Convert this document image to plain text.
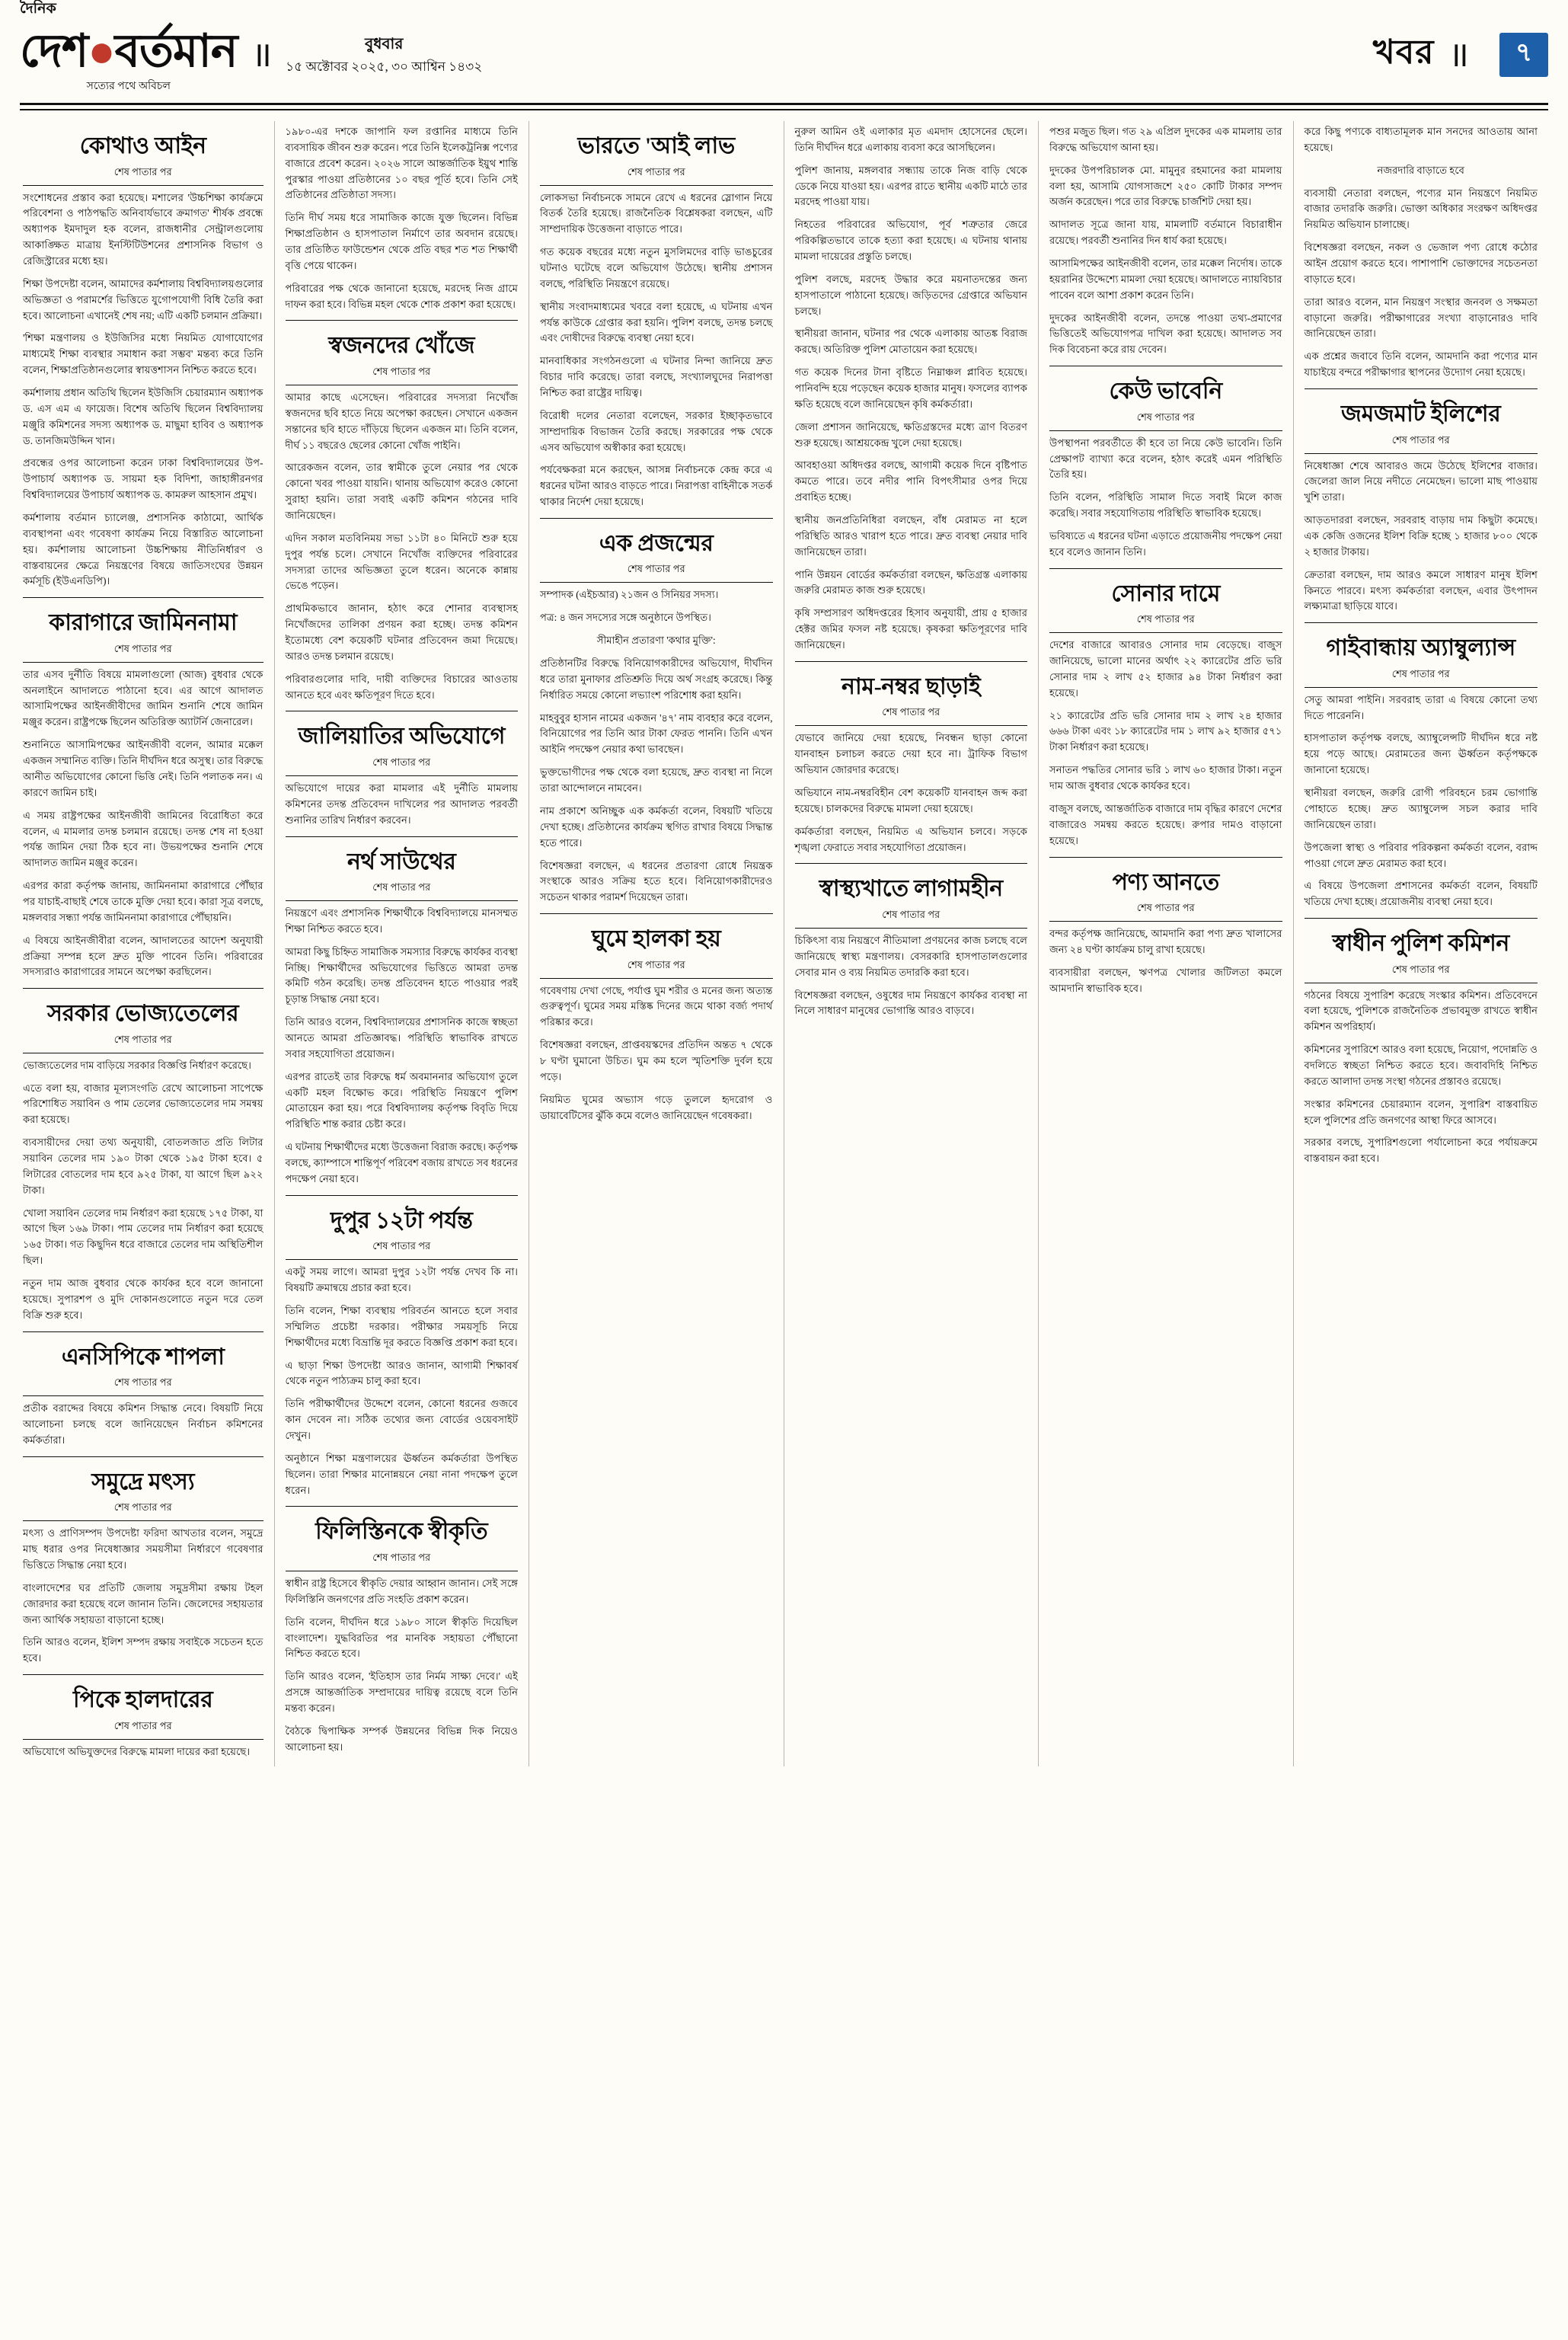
দৈনিক
দেশ●বর্তমান
সত্যের পথে অবিচল
॥	বুধবার
১৫ অক্টোবর ২০২৫, ৩০ আশ্বিন ১৪৩২	খবর ॥	৭
কোথাও আইন
শেষ পাতার পর

সংশোধনের প্রস্তাব করা হয়েছে। মশালের 'উচ্চশিক্ষা কার্যক্রমে পরিবেশনা ও পাঠপদ্ধতি অনিবার্যভাবে ক্রমাগত' শীর্ষক প্রবন্ধে অধ্যাপক ইমদাদুল হক বলেন, রাজধানীর সেন্ট্রালগুলোয় আকাঙ্ক্ষিত মাত্রায় ইনস্টিটিউশনের প্রশাসনিক বিভাগ ও রেজিস্ট্রারের মধ্যে হয়।

শিক্ষা উপদেষ্টা বলেন, আমাদের কর্মশালায় বিশ্ববিদ্যালয়গুলোর অভিজ্ঞতা ও পরামর্শের ভিত্তিতে যুগোপযোগী বিধি তৈরি করা হবে। আলোচনা এখানেই শেষ নয়; এটি একটি চলমান প্রক্রিয়া।

'শিক্ষা মন্ত্রণালয় ও ইউজিসির মধ্যে নিয়মিত যোগাযোগের মাধ্যমেই শিক্ষা ব্যবস্থার সমাধান করা সম্ভব' মন্তব্য করে তিনি বলেন, শিক্ষাপ্রতিষ্ঠানগুলোর স্বায়ত্তশাসন নিশ্চিত করতে হবে।

কর্মশালায় প্রধান অতিথি ছিলেন ইউজিসি চেয়ারম্যান অধ্যাপক ড. এস এম এ ফায়েজ। বিশেষ অতিথি ছিলেন বিশ্ববিদ্যালয় মঞ্জুরি কমিশনের সদস্য অধ্যাপক ড. মাছুমা হাবিব ও অধ্যাপক ড. তানজিমউদ্দিন খান।

প্রবন্ধের ওপর আলোচনা করেন ঢাকা বিশ্ববিদ্যালয়ের উপ-উপাচার্য অধ্যাপক ড. সায়মা হক বিদিশা, জাহাঙ্গীরনগর বিশ্ববিদ্যালয়ের উপাচার্য অধ্যাপক ড. কামরুল আহসান প্রমুখ।

কর্মশালায় বর্তমান চ্যালেঞ্জ, প্রশাসনিক কাঠামো, আর্থিক ব্যবস্থাপনা এবং গবেষণা কার্যক্রম নিয়ে বিস্তারিত আলোচনা হয়। কর্মশালায় আলোচনা উচ্চশিক্ষায় নীতিনির্ধারণ ও বাস্তবায়নের ক্ষেত্রে নিয়ন্ত্রণের বিষয়ে জাতিসংঘের উন্নয়ন কর্মসূচি (ইউএনডিপি)।

কারাগারে জামিননামা
শেষ পাতার পর

তার এসব দুর্নীতি বিষয়ে মামলাগুলো (আজ) বুধবার থেকে অনলাইনে আদালতে পাঠানো হবে। এর আগে আদালত আসামিপক্ষের আইনজীবীদের জামিন শুনানি শেষে জামিন মঞ্জুর করেন। রাষ্ট্রপক্ষে ছিলেন অতিরিক্ত অ্যাটর্নি জেনারেল।

শুনানিতে আসামিপক্ষের আইনজীবী বলেন, আমার মক্কেল একজন সম্মানিত ব্যক্তি। তিনি দীর্ঘদিন ধরে অসুস্থ। তার বিরুদ্ধে আনীত অভিযোগের কোনো ভিত্তি নেই। তিনি পলাতক নন। এ কারণে জামিন চাই।

এ সময় রাষ্ট্রপক্ষের আইনজীবী জামিনের বিরোধিতা করে বলেন, এ মামলার তদন্ত চলমান রয়েছে। তদন্ত শেষ না হওয়া পর্যন্ত জামিন দেয়া ঠিক হবে না। উভয়পক্ষের শুনানি শেষে আদালত জামিন মঞ্জুর করেন।

এরপর কারা কর্তৃপক্ষ জানায়, জামিননামা কারাগারে পৌঁছার পর যাচাই-বাছাই শেষে তাকে মুক্তি দেয়া হবে। কারা সূত্র বলছে, মঙ্গলবার সন্ধ্যা পর্যন্ত জামিননামা কারাগারে পৌঁছায়নি।

এ বিষয়ে আইনজীবীরা বলেন, আদালতের আদেশ অনুযায়ী প্রক্রিয়া সম্পন্ন হলে দ্রুত মুক্তি পাবেন তিনি। পরিবারের সদস্যরাও কারাগারের সামনে অপেক্ষা করছিলেন।

সরকার ভোজ্যতেলের
শেষ পাতার পর

ভোজ্যতেলের দাম বাড়িয়ে সরকার বিজ্ঞপ্তি নির্ধারণ করেছে।

এতে বলা হয়, বাজার মূল্যসংগতি রেখে আলোচনা সাপেক্ষে পরিশোধিত সয়াবিন ও পাম তেলের ভোজ্যতেলের দাম সমন্বয় করা হয়েছে।

ব্যবসায়ীদের দেয়া তথ্য অনুযায়ী, বোতলজাত প্রতি লিটার সয়াবিন তেলের দাম ১৯০ টাকা থেকে ১৯৫ টাকা হবে। ৫ লিটারের বোতলের দাম হবে ৯২৫ টাকা, যা আগে ছিল ৯২২ টাকা।

খোলা সয়াবিন তেলের দাম নির্ধারণ করা হয়েছে ১৭৫ টাকা, যা আগে ছিল ১৬৯ টাকা। পাম তেলের দাম নির্ধারণ করা হয়েছে ১৬৫ টাকা। গত কিছুদিন ধরে বাজারে তেলের দাম অস্থিতিশীল ছিল।

নতুন দাম আজ বুধবার থেকে কার্যকর হবে বলে জানানো হয়েছে। সুপারশপ ও মুদি দোকানগুলোতে নতুন দরে তেল বিক্রি শুরু হবে।

এনসিপিকে শাপলা
শেষ পাতার পর

প্রতীক বরাদ্দের বিষয়ে কমিশন সিদ্ধান্ত নেবে। বিষয়টি নিয়ে আলোচনা চলছে বলে জানিয়েছেন নির্বাচন কমিশনের কর্মকর্তারা।

সমুদ্রে মৎস্য
শেষ পাতার পর

মৎস্য ও প্রাণিসম্পদ উপদেষ্টা ফরিদা আখতার বলেন, সমুদ্রে মাছ ধরার ওপর নিষেধাজ্ঞার সময়সীমা নির্ধারণে গবেষণার ভিত্তিতে সিদ্ধান্ত নেয়া হবে।

বাংলাদেশের ঘর প্রতিটি জেলায় সমুদ্রসীমা রক্ষায় টহল জোরদার করা হয়েছে বলে জানান তিনি। জেলেদের সহায়তার জন্য আর্থিক সহায়তা বাড়ানো হচ্ছে।

তিনি আরও বলেন, ইলিশ সম্পদ রক্ষায় সবাইকে সচেতন হতে হবে।

পিকে হালদারের
শেষ পাতার পর

অভিযোগে অভিযুক্তদের বিরুদ্ধে মামলা দায়ের করা হয়েছে।

১৯৮০-এর দশকে জাপানি ফল রপ্তানির মাধ্যমে তিনি ব্যবসায়িক জীবন শুরু করেন। পরে তিনি ইলেকট্রনিক্স পণ্যের বাজারে প্রবেশ করেন। ২০২৬ সালে আন্তর্জাতিক ইয়ুথ শান্তি পুরস্কার পাওয়া প্রতিষ্ঠানের ১০ বছর পূর্তি হবে। তিনি সেই প্রতিষ্ঠানের প্রতিষ্ঠাতা সদস্য।

তিনি দীর্ঘ সময় ধরে সামাজিক কাজে যুক্ত ছিলেন। বিভিন্ন শিক্ষাপ্রতিষ্ঠান ও হাসপাতাল নির্মাণে তার অবদান রয়েছে। তার প্রতিষ্ঠিত ফাউন্ডেশন থেকে প্রতি বছর শত শত শিক্ষার্থী বৃত্তি পেয়ে থাকেন।

পরিবারের পক্ষ থেকে জানানো হয়েছে, মরদেহ নিজ গ্রামে দাফন করা হবে। বিভিন্ন মহল থেকে শোক প্রকাশ করা হয়েছে।

স্বজনদের খোঁজে
শেষ পাতার পর

আমার কাছে এসেছেন। পরিবারের সদস্যরা নিখোঁজ স্বজনদের ছবি হাতে নিয়ে অপেক্ষা করছেন। সেখানে একজন সন্তানের ছবি হাতে দাঁড়িয়ে ছিলেন একজন মা। তিনি বলেন, দীর্ঘ ১১ বছরেও ছেলের কোনো খোঁজ পাইনি।

আরেকজন বলেন, তার স্বামীকে তুলে নেয়ার পর থেকে কোনো খবর পাওয়া যায়নি। থানায় অভিযোগ করেও কোনো সুরাহা হয়নি। তারা সবাই একটি কমিশন গঠনের দাবি জানিয়েছেন।

এদিন সকাল মতবিনিময় সভা ১১টা ৪০ মিনিটে শুরু হয়ে দুপুর পর্যন্ত চলে। সেখানে নিখোঁজ ব্যক্তিদের পরিবারের সদস্যরা তাদের অভিজ্ঞতা তুলে ধরেন। অনেকে কান্নায় ভেঙে পড়েন।

প্রাথমিকভাবে জানান, হঠাৎ করে শোনার ব্যবস্থাসহ নিখোঁজদের তালিকা প্রণয়ন করা হচ্ছে। তদন্ত কমিশন ইতোমধ্যে বেশ কয়েকটি ঘটনার প্রতিবেদন জমা দিয়েছে। আরও তদন্ত চলমান রয়েছে।

পরিবারগুলোর দাবি, দায়ী ব্যক্তিদের বিচারের আওতায় আনতে হবে এবং ক্ষতিপূরণ দিতে হবে।

জালিয়াতির অভিযোগে
শেষ পাতার পর

অভিযোগে দায়ের করা মামলার এই দুর্নীতি মামলায় কমিশনের তদন্ত প্রতিবেদন দাখিলের পর আদালত পরবর্তী শুনানির তারিখ নির্ধারণ করবেন।

নর্থ সাউথের
শেষ পাতার পর

নিয়ন্ত্রণে এবং প্রশাসনিক শিক্ষার্থীকে বিশ্ববিদ্যালয়ে মানসম্মত শিক্ষা নিশ্চিত করতে হবে।

আমরা কিছু চিহ্নিত সামাজিক সমস্যার বিরুদ্ধে কার্যকর ব্যবস্থা নিচ্ছি। শিক্ষার্থীদের অভিযোগের ভিত্তিতে আমরা তদন্ত কমিটি গঠন করেছি। তদন্ত প্রতিবেদন হাতে পাওয়ার পরই চূড়ান্ত সিদ্ধান্ত নেয়া হবে।

তিনি আরও বলেন, বিশ্ববিদ্যালয়ের প্রশাসনিক কাজে স্বচ্ছতা আনতে আমরা প্রতিজ্ঞাবদ্ধ। পরিস্থিতি স্বাভাবিক রাখতে সবার সহযোগিতা প্রয়োজন।

এরপর রাতেই তার বিরুদ্ধে ধর্ম অবমাননার অভিযোগ তুলে একটি মহল বিক্ষোভ করে। পরিস্থিতি নিয়ন্ত্রণে পুলিশ মোতায়েন করা হয়। পরে বিশ্ববিদ্যালয় কর্তৃপক্ষ বিবৃতি দিয়ে পরিস্থিতি শান্ত করার চেষ্টা করে।

এ ঘটনায় শিক্ষার্থীদের মধ্যে উত্তেজনা বিরাজ করছে। কর্তৃপক্ষ বলছে, ক্যাম্পাসে শান্তিপূর্ণ পরিবেশ বজায় রাখতে সব ধরনের পদক্ষেপ নেয়া হবে।

দুপুর ১২টা পর্যন্ত
শেষ পাতার পর

একটু সময় লাগে। আমরা দুপুর ১২টা পর্যন্ত দেখব কি না। বিষয়টি ক্রমান্বয়ে প্রচার করা হবে।

তিনি বলেন, শিক্ষা ব্যবস্থায় পরিবর্তন আনতে হলে সবার সম্মিলিত প্রচেষ্টা দরকার। পরীক্ষার সময়সূচি নিয়ে শিক্ষার্থীদের মধ্যে বিভ্রান্তি দূর করতে বিজ্ঞপ্তি প্রকাশ করা হবে।

এ ছাড়া শিক্ষা উপদেষ্টা আরও জানান, আগামী শিক্ষাবর্ষ থেকে নতুন পাঠ্যক্রম চালু করা হবে।

তিনি পরীক্ষার্থীদের উদ্দেশে বলেন, কোনো ধরনের গুজবে কান দেবেন না। সঠিক তথ্যের জন্য বোর্ডের ওয়েবসাইট দেখুন।

অনুষ্ঠানে শিক্ষা মন্ত্রণালয়ের ঊর্ধ্বতন কর্মকর্তারা উপস্থিত ছিলেন। তারা শিক্ষার মানোন্নয়নে নেয়া নানা পদক্ষেপ তুলে ধরেন।

ফিলিস্তিনকে স্বীকৃতি
শেষ পাতার পর

স্বাধীন রাষ্ট্র হিসেবে স্বীকৃতি দেয়ার আহ্বান জানান। সেই সঙ্গে ফিলিস্তিনি জনগণের প্রতি সংহতি প্রকাশ করেন।

তিনি বলেন, দীর্ঘদিন ধরে ১৯৮০ সালে স্বীকৃতি দিয়েছিল বাংলাদেশ। যুদ্ধবিরতির পর মানবিক সহায়তা পৌঁছানো নিশ্চিত করতে হবে।

তিনি আরও বলেন, 'ইতিহাস তার নির্মম সাক্ষ্য দেবে।' এই প্রসঙ্গে আন্তর্জাতিক সম্প্রদায়ের দায়িত্ব রয়েছে বলে তিনি মন্তব্য করেন।

বৈঠকে দ্বিপাক্ষিক সম্পর্ক উন্নয়নের বিভিন্ন দিক নিয়েও আলোচনা হয়।

ভারতে 'আই লাভ
শেষ পাতার পর

লোকসভা নির্বাচনকে সামনে রেখে এ ধরনের স্লোগান নিয়ে বিতর্ক তৈরি হয়েছে। রাজনৈতিক বিশ্লেষকরা বলছেন, এটি সাম্প্রদায়িক উত্তেজনা বাড়াতে পারে।

গত কয়েক বছরের মধ্যে নতুন মুসলিমদের বাড়ি ভাঙচুরের ঘটনাও ঘটেছে বলে অভিযোগ উঠেছে। স্থানীয় প্রশাসন বলছে, পরিস্থিতি নিয়ন্ত্রণে রয়েছে।

স্থানীয় সংবাদমাধ্যমের খবরে বলা হয়েছে, এ ঘটনায় এখন পর্যন্ত কাউকে গ্রেপ্তার করা হয়নি। পুলিশ বলছে, তদন্ত চলছে এবং দোষীদের বিরুদ্ধে ব্যবস্থা নেয়া হবে।

মানবাধিকার সংগঠনগুলো এ ঘটনার নিন্দা জানিয়ে দ্রুত বিচার দাবি করেছে। তারা বলছে, সংখ্যালঘুদের নিরাপত্তা নিশ্চিত করা রাষ্ট্রের দায়িত্ব।

বিরোধী দলের নেতারা বলেছেন, সরকার ইচ্ছাকৃতভাবে সাম্প্রদায়িক বিভাজন তৈরি করছে। সরকারের পক্ষ থেকে এসব অভিযোগ অস্বীকার করা হয়েছে।

পর্যবেক্ষকরা মনে করছেন, আসন্ন নির্বাচনকে কেন্দ্র করে এ ধরনের ঘটনা আরও বাড়তে পারে। নিরাপত্তা বাহিনীকে সতর্ক থাকার নির্দেশ দেয়া হয়েছে।

এক প্রজন্মের
শেষ পাতার পর

সম্পাদক (এইচআর) ২১জন ও সিনিয়র সদস্য।

পত্র: ৪ জন সদস্যের সঙ্গে অনুষ্ঠানে উপস্থিত।

সীমাহীন প্রতারণা 'কথার মুক্তি':

প্রতিষ্ঠানটির বিরুদ্ধে বিনিয়োগকারীদের অভিযোগ, দীর্ঘদিন ধরে তারা মুনাফার প্রতিশ্রুতি দিয়ে অর্থ সংগ্রহ করেছে। কিন্তু নির্ধারিত সময়ে কোনো লভ্যাংশ পরিশোধ করা হয়নি।

মাহবুবুর হাসান নামের একজন '৪৭' নাম ব্যবহার করে বলেন, বিনিয়োগের পর তিনি আর টাকা ফেরত পাননি। তিনি এখন আইনি পদক্ষেপ নেয়ার কথা ভাবছেন।

ভুক্তভোগীদের পক্ষ থেকে বলা হয়েছে, দ্রুত ব্যবস্থা না নিলে তারা আন্দোলনে নামবেন।

নাম প্রকাশে অনিচ্ছুক এক কর্মকর্তা বলেন, বিষয়টি খতিয়ে দেখা হচ্ছে। প্রতিষ্ঠানের কার্যক্রম স্থগিত রাখার বিষয়ে সিদ্ধান্ত হতে পারে।

বিশেষজ্ঞরা বলছেন, এ ধরনের প্রতারণা রোধে নিয়ন্ত্রক সংস্থাকে আরও সক্রিয় হতে হবে। বিনিয়োগকারীদেরও সচেতন থাকার পরামর্শ দিয়েছেন তারা।

ঘুমে হালকা হয়
শেষ পাতার পর

গবেষণায় দেখা গেছে, পর্যাপ্ত ঘুম শরীর ও মনের জন্য অত্যন্ত গুরুত্বপূর্ণ। ঘুমের সময় মস্তিষ্ক দিনের জমে থাকা বর্জ্য পদার্থ পরিষ্কার করে।

বিশেষজ্ঞরা বলছেন, প্রাপ্তবয়স্কদের প্রতিদিন অন্তত ৭ থেকে ৮ ঘণ্টা ঘুমানো উচিত। ঘুম কম হলে স্মৃতিশক্তি দুর্বল হয়ে পড়ে।

নিয়মিত ঘুমের অভ্যাস গড়ে তুললে হৃদরোগ ও ডায়াবেটিসের ঝুঁকি কমে বলেও জানিয়েছেন গবেষকরা।

নুরুল আমিন ওই এলাকার মৃত এমদাদ হোসেনের ছেলে। তিনি দীর্ঘদিন ধরে এলাকায় ব্যবসা করে আসছিলেন।

পুলিশ জানায়, মঙ্গলবার সন্ধ্যায় তাকে নিজ বাড়ি থেকে ডেকে নিয়ে যাওয়া হয়। এরপর রাতে স্থানীয় একটি মাঠে তার মরদেহ পাওয়া যায়।

নিহতের পরিবারের অভিযোগ, পূর্ব শত্রুতার জেরে পরিকল্পিতভাবে তাকে হত্যা করা হয়েছে। এ ঘটনায় থানায় মামলা দায়েরের প্রস্তুতি চলছে।

পুলিশ বলছে, মরদেহ উদ্ধার করে ময়নাতদন্তের জন্য হাসপাতালে পাঠানো হয়েছে। জড়িতদের গ্রেপ্তারে অভিযান চলছে।

স্থানীয়রা জানান, ঘটনার পর থেকে এলাকায় আতঙ্ক বিরাজ করছে। অতিরিক্ত পুলিশ মোতায়েন করা হয়েছে।

গত কয়েক দিনের টানা বৃষ্টিতে নিম্নাঞ্চল প্লাবিত হয়েছে। পানিবন্দি হয়ে পড়েছেন কয়েক হাজার মানুষ। ফসলের ব্যাপক ক্ষতি হয়েছে বলে জানিয়েছেন কৃষি কর্মকর্তারা।

জেলা প্রশাসন জানিয়েছে, ক্ষতিগ্রস্তদের মধ্যে ত্রাণ বিতরণ শুরু হয়েছে। আশ্রয়কেন্দ্র খুলে দেয়া হয়েছে।

আবহাওয়া অধিদপ্তর বলছে, আগামী কয়েক দিনে বৃষ্টিপাত কমতে পারে। তবে নদীর পানি বিপৎসীমার ওপর দিয়ে প্রবাহিত হচ্ছে।

স্থানীয় জনপ্রতিনিধিরা বলছেন, বাঁধ মেরামত না হলে পরিস্থিতি আরও খারাপ হতে পারে। দ্রুত ব্যবস্থা নেয়ার দাবি জানিয়েছেন তারা।

পানি উন্নয়ন বোর্ডের কর্মকর্তারা বলছেন, ক্ষতিগ্রস্ত এলাকায় জরুরি মেরামত কাজ শুরু হয়েছে।

কৃষি সম্প্রসারণ অধিদপ্তরের হিসাব অনুযায়ী, প্রায় ৫ হাজার হেক্টর জমির ফসল নষ্ট হয়েছে। কৃষকরা ক্ষতিপূরণের দাবি জানিয়েছেন।

নাম-নম্বর ছাড়াই
শেষ পাতার পর

যেভাবে জানিয়ে দেয়া হয়েছে, নিবন্ধন ছাড়া কোনো যানবাহন চলাচল করতে দেয়া হবে না। ট্রাফিক বিভাগ অভিযান জোরদার করেছে।

অভিযানে নাম-নম্বরবিহীন বেশ কয়েকটি যানবাহন জব্দ করা হয়েছে। চালকদের বিরুদ্ধে মামলা দেয়া হয়েছে।

কর্মকর্তারা বলছেন, নিয়মিত এ অভিযান চলবে। সড়কে শৃঙ্খলা ফেরাতে সবার সহযোগিতা প্রয়োজন।

স্বাস্থ্যখাতে লাগামহীন
শেষ পাতার পর

চিকিৎসা ব্যয় নিয়ন্ত্রণে নীতিমালা প্রণয়নের কাজ চলছে বলে জানিয়েছে স্বাস্থ্য মন্ত্রণালয়। বেসরকারি হাসপাতালগুলোর সেবার মান ও ব্যয় নিয়মিত তদারকি করা হবে।

বিশেষজ্ঞরা বলছেন, ওষুধের দাম নিয়ন্ত্রণে কার্যকর ব্যবস্থা না নিলে সাধারণ মানুষের ভোগান্তি আরও বাড়বে।

পশুর মজুত ছিল। গত ২৯ এপ্রিল দুদকের এক মামলায় তার বিরুদ্ধে অভিযোগ আনা হয়।

দুদকের উপপরিচালক মো. মামুনুর রহমানের করা মামলায় বলা হয়, আসামি যোগসাজশে ২৫০ কোটি টাকার সম্পদ অর্জন করেছেন। পরে তার বিরুদ্ধে চার্জশিট দেয়া হয়।

আদালত সূত্রে জানা যায়, মামলাটি বর্তমানে বিচারাধীন রয়েছে। পরবর্তী শুনানির দিন ধার্য করা হয়েছে।

আসামিপক্ষের আইনজীবী বলেন, তার মক্কেল নির্দোষ। তাকে হয়রানির উদ্দেশ্যে মামলা দেয়া হয়েছে। আদালতে ন্যায়বিচার পাবেন বলে আশা প্রকাশ করেন তিনি।

দুদকের আইনজীবী বলেন, তদন্তে পাওয়া তথ্য-প্রমাণের ভিত্তিতেই অভিযোগপত্র দাখিল করা হয়েছে। আদালত সব দিক বিবেচনা করে রায় দেবেন।

কেউ ভাবেনি
শেষ পাতার পর

উপস্থাপনা পরবর্তীতে কী হবে তা নিয়ে কেউ ভাবেনি। তিনি প্রেক্ষাপট ব্যাখ্যা করে বলেন, হঠাৎ করেই এমন পরিস্থিতি তৈরি হয়।

তিনি বলেন, পরিস্থিতি সামাল দিতে সবাই মিলে কাজ করেছি। সবার সহযোগিতায় পরিস্থিতি স্বাভাবিক হয়েছে।

ভবিষ্যতে এ ধরনের ঘটনা এড়াতে প্রয়োজনীয় পদক্ষেপ নেয়া হবে বলেও জানান তিনি।

সোনার দামে
শেষ পাতার পর

দেশের বাজারে আবারও সোনার দাম বেড়েছে। বাজুস জানিয়েছে, ভালো মানের অর্থাৎ ২২ ক্যারেটের প্রতি ভরি সোনার দাম ২ লাখ ৫২ হাজার ৯৪ টাকা নির্ধারণ করা হয়েছে।

২১ ক্যারেটের প্রতি ভরি সোনার দাম ২ লাখ ২৪ হাজার ৬৬৬ টাকা এবং ১৮ ক্যারেটের দাম ১ লাখ ৯২ হাজার ৫৭১ টাকা নির্ধারণ করা হয়েছে।

সনাতন পদ্ধতির সোনার ভরি ১ লাখ ৬০ হাজার টাকা। নতুন দাম আজ বুধবার থেকে কার্যকর হবে।

বাজুস বলছে, আন্তর্জাতিক বাজারে দাম বৃদ্ধির কারণে দেশের বাজারেও সমন্বয় করতে হয়েছে। রুপার দামও বাড়ানো হয়েছে।

পণ্য আনতে
শেষ পাতার পর

বন্দর কর্তৃপক্ষ জানিয়েছে, আমদানি করা পণ্য দ্রুত খালাসের জন্য ২৪ ঘণ্টা কার্যক্রম চালু রাখা হয়েছে।

ব্যবসায়ীরা বলছেন, ঋণপত্র খোলার জটিলতা কমলে আমদানি স্বাভাবিক হবে।

করে কিছু পণ্যকে বাধ্যতামূলক মান সনদের আওতায় আনা হয়েছে।

নজরদারি বাড়াতে হবে

ব্যবসায়ী নেতারা বলছেন, পণ্যের মান নিয়ন্ত্রণে নিয়মিত বাজার তদারকি জরুরি। ভোক্তা অধিকার সংরক্ষণ অধিদপ্তর নিয়মিত অভিযান চালাচ্ছে।

বিশেষজ্ঞরা বলছেন, নকল ও ভেজাল পণ্য রোধে কঠোর আইন প্রয়োগ করতে হবে। পাশাপাশি ভোক্তাদের সচেতনতা বাড়াতে হবে।

তারা আরও বলেন, মান নিয়ন্ত্রণ সংস্থার জনবল ও সক্ষমতা বাড়ানো জরুরি। পরীক্ষাগারের সংখ্যা বাড়ানোরও দাবি জানিয়েছেন তারা।

এক প্রশ্নের জবাবে তিনি বলেন, আমদানি করা পণ্যের মান যাচাইয়ে বন্দরে পরীক্ষাগার স্থাপনের উদ্যোগ নেয়া হয়েছে।

জমজমাট ইলিশের
শেষ পাতার পর

নিষেধাজ্ঞা শেষে আবারও জমে উঠেছে ইলিশের বাজার। জেলেরা জাল নিয়ে নদীতে নেমেছেন। ভালো মাছ পাওয়ায় খুশি তারা।

আড়তদাররা বলছেন, সরবরাহ বাড়ায় দাম কিছুটা কমেছে। এক কেজি ওজনের ইলিশ বিক্রি হচ্ছে ১ হাজার ৮০০ থেকে ২ হাজার টাকায়।

ক্রেতারা বলছেন, দাম আরও কমলে সাধারণ মানুষ ইলিশ কিনতে পারবে। মৎস্য কর্মকর্তারা বলছেন, এবার উৎপাদন লক্ষ্যমাত্রা ছাড়িয়ে যাবে।

গাইবান্ধায় অ্যাম্বুল্যান্স
শেষ পাতার পর

সেতু আমরা পাইনি। সরবরাহ তারা এ বিষয়ে কোনো তথ্য দিতে পারেননি।

হাসপাতাল কর্তৃপক্ষ বলছে, অ্যাম্বুলেন্সটি দীর্ঘদিন ধরে নষ্ট হয়ে পড়ে আছে। মেরামতের জন্য ঊর্ধ্বতন কর্তৃপক্ষকে জানানো হয়েছে।

স্থানীয়রা বলছেন, জরুরি রোগী পরিবহনে চরম ভোগান্তি পোহাতে হচ্ছে। দ্রুত অ্যাম্বুলেন্স সচল করার দাবি জানিয়েছেন তারা।

উপজেলা স্বাস্থ্য ও পরিবার পরিকল্পনা কর্মকর্তা বলেন, বরাদ্দ পাওয়া গেলে দ্রুত মেরামত করা হবে।

এ বিষয়ে উপজেলা প্রশাসনের কর্মকর্তা বলেন, বিষয়টি খতিয়ে দেখা হচ্ছে। প্রয়োজনীয় ব্যবস্থা নেয়া হবে।

স্বাধীন পুলিশ কমিশন
শেষ পাতার পর

গঠনের বিষয়ে সুপারিশ করেছে সংস্কার কমিশন। প্রতিবেদনে বলা হয়েছে, পুলিশকে রাজনৈতিক প্রভাবমুক্ত রাখতে স্বাধীন কমিশন অপরিহার্য।

কমিশনের সুপারিশে আরও বলা হয়েছে, নিয়োগ, পদোন্নতি ও বদলিতে স্বচ্ছতা নিশ্চিত করতে হবে। জবাবদিহি নিশ্চিত করতে আলাদা তদন্ত সংস্থা গঠনের প্রস্তাবও রয়েছে।

সংস্কার কমিশনের চেয়ারম্যান বলেন, সুপারিশ বাস্তবায়িত হলে পুলিশের প্রতি জনগণের আস্থা ফিরে আসবে।

সরকার বলছে, সুপারিশগুলো পর্যালোচনা করে পর্যায়ক্রমে বাস্তবায়ন করা হবে।
